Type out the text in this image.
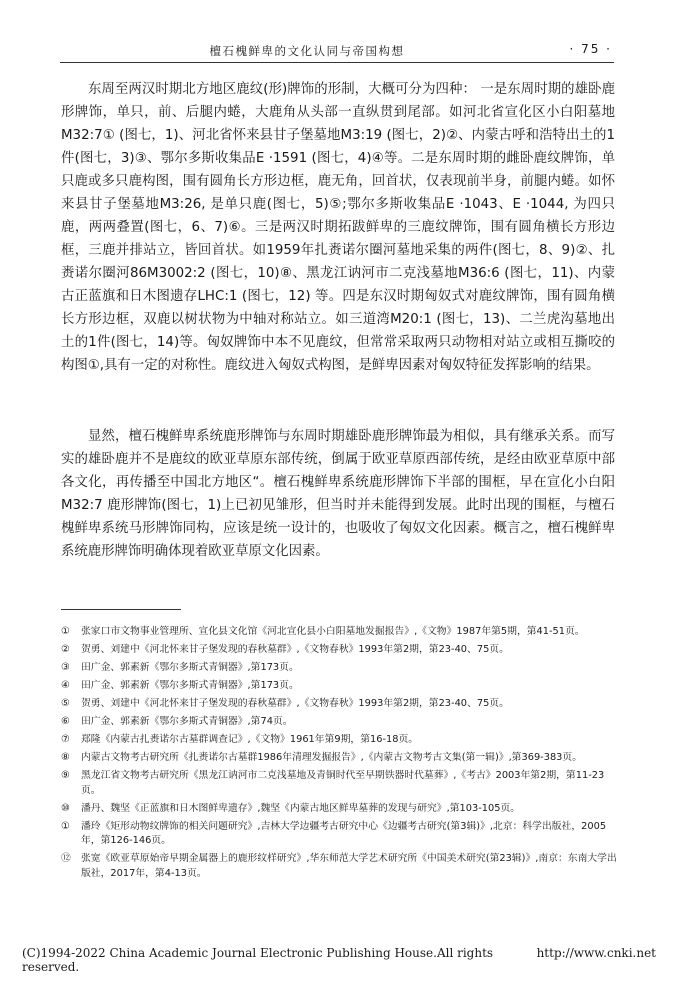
檀石槐鲜卑的文化认同与帝国构想	· 75 ·

东周至两汉时期北方地区鹿纹(形)牌饰的形制，大概可分为四种： 一是东周时期的雄卧鹿形牌饰，单只，前、后腿内蜷，大鹿角从头部一直纵贯到尾部。如河北省宣化区小白阳墓地M32:7① (图七，1)、河北省怀来县甘子堡墓地M3:19 (图七，2)②、内蒙古呼和浩特出土的1件(图七，3)③、鄂尔多斯收集品E ·1591 (图七，4)④等。二是东周时期的雌卧鹿纹牌饰，单只鹿或多只鹿构图，围有圆角长方形边框，鹿无角，回首状，仅表现前半身，前腿内蜷。如怀来县甘子堡墓地M3:26, 是单只鹿(图七，5)⑤;鄂尔多斯收集品E ·1043、E ·1044, 为四只鹿，两两叠置(图七，6、7)⑥。三是两汉时期拓跋鲜卑的三鹿纹牌饰，围有圆角横长方形边框，三鹿并排站立，皆回首状。如1959年扎赉诺尔圈河墓地采集的两件(图七，8、9)②、扎赉诺尔圈河86M3002:2 (图七，10)⑧、黑龙江讷河市二克浅墓地M36:6 (图七，11)、内蒙古正蓝旗和日木图遗存LHC:1 (图七，12) 等。四是东汉时期匈奴式对鹿纹牌饰，围有圆角横长方形边框，双鹿以树状物为中轴对称站立。如三道湾M20:1 (图七，13)、二兰虎沟墓地出土的1件(图七，14)等。匈奴牌饰中本不见鹿纹，但常常采取两只动物相对站立或相互撕咬的构图①,具有一定的对称性。鹿纹进入匈奴式构图，是鲜卑因素对匈奴特征发挥影响的结果。

显然，檀石槐鲜卑系统鹿形牌饰与东周时期雄卧鹿形牌饰最为相似，具有继承关系。而写实的雄卧鹿并不是鹿纹的欧亚草原东部传统，倒属于欧亚草原西部传统，是经由欧亚草原中部各文化，再传播至中国北方地区“。檀石槐鲜卑系统鹿形牌饰下半部的围框，早在宣化小白阳M32:7 鹿形牌饰(图七，1)上已初见雏形，但当时并未能得到发展。此时出现的围框，与檀石槐鲜卑系统马形牌饰同构，应该是统一设计的，也吸收了匈奴文化因素。概言之，檀石槐鲜卑系统鹿形牌饰明确体现着欧亚草原文化因素。

①	张家口市文物事业管理所、宣化县文化馆《河北宣化县小白阳墓地发掘报告》,《文物》1987年第5期，第41-51页。
②	贺勇、刘建中《河北怀来甘子堡发现的春秋墓群》,《文物春秋》1993年第2期，第23-40、75页。
③	田广金、郭素新《鄂尔多斯式青铜器》,第173页。
④	田广金、郭素新《鄂尔多斯式青铜器》,第173页。
⑤	贺勇、刘建中《河北怀来甘子堡发现的春秋墓群》,《文物春秋》1993年第2期，第23-40、75页。
⑥	田广金、郭素新《鄂尔多斯式青铜器》,第74页。
⑦	郑隆《内蒙古扎赉诺尔古墓群调查记》,《文物》1961年第9期，第16-18页。
⑧	内蒙古文物考古研究所《扎赉诺尔古墓群1986年清理发掘报告》,《内蒙古文物考古文集(第一辑)》,第369-383页。
⑨	黑龙江省文物考古研究所《黑龙江讷河市二克浅墓地及青铜时代至早期铁器时代墓葬》,《考古》2003年第2期，第11-23页。
⑩	潘丹、魏坚《正蓝旗和日木图鲜卑遗存》,魏坚《内蒙古地区鲜卑墓葬的发现与研究》,第103-105页。
①	潘玲《矩形动物纹牌饰的相关问题研究》,吉林大学边疆考古研究中心《边疆考古研究(第3辑)》,北京：科学出版社，2005年，第126-146页。
⑫	张宽《欧亚草原始帝早期金属器上的鹿形纹样研究》,华东师范大学艺术研究所《中国美术研究(第23辑)》,南京：东南大学出版社，2017年，第4-13页。
(C)1994-2022 China Academic Journal Electronic Publishing House.All rights reserved.
http://www.cnki.net
